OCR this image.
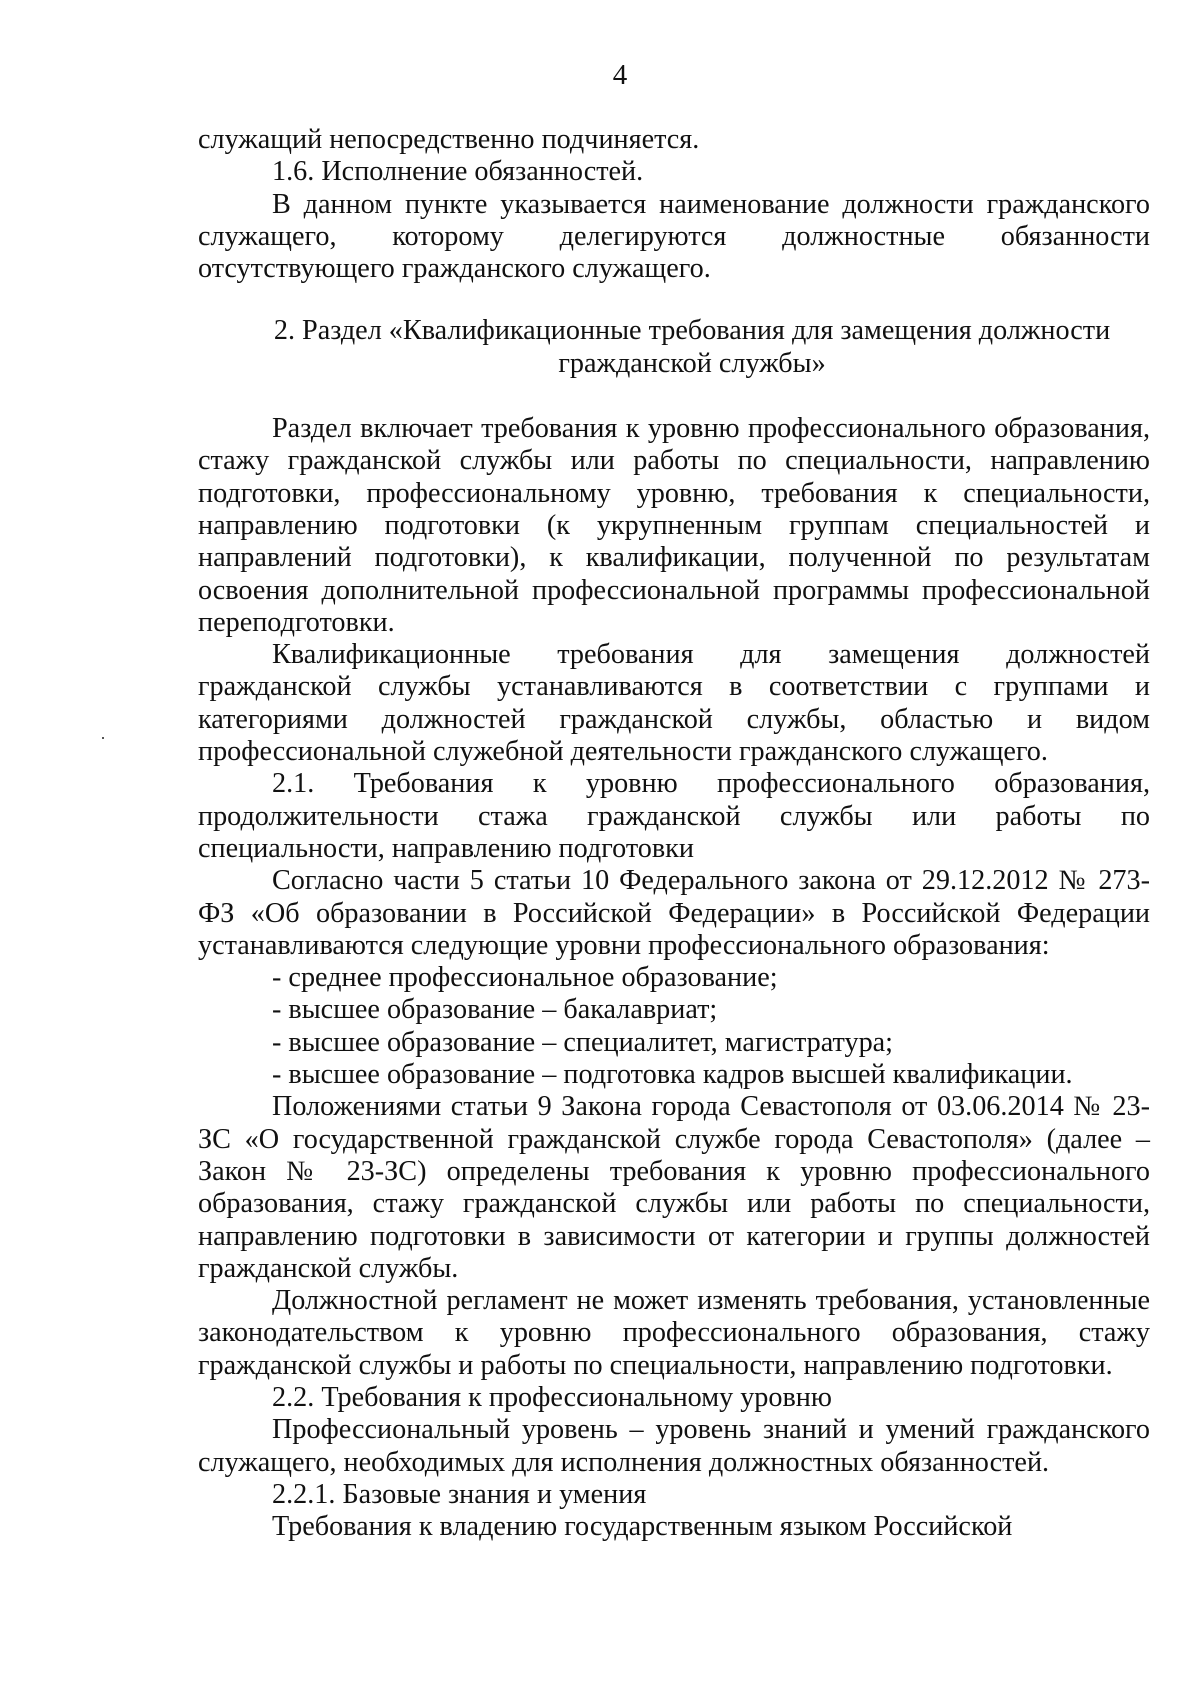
4

служащий непосредственно подчиняется.

1.6. Исполнение обязанностей.

В данном пункте указывается наименование должности гражданского служащего, которому делегируются должностные обязанности отсутствующего гражданского служащего.

2. Раздел «Квалификационные требования для замещения должности

гражданской службы»

Раздел включает требования к уровню профессионального образования, стажу гражданской службы или работы по специальности, направлению подготовки, профессиональному уровню, требования к специальности, направлению подготовки (к укрупненным группам специальностей и направлений подготовки), к квалификации, полученной по результатам освоения дополнительной профессиональной программы профессиональной переподготовки.

Квалификационные требования для замещения должностей гражданской службы устанавливаются в соответствии с группами и категориями должностей гражданской службы, областью и видом профессиональной служебной деятельности гражданского служащего.

2.1. Требования к уровню профессионального образования, продолжительности стажа гражданской службы или работы по специальности, направлению подготовки

Согласно части 5 статьи 10 Федерального закона от 29.12.2012 № 273-ФЗ «Об образовании в Российской Федерации» в Российской Федерации устанавливаются следующие уровни профессионального образования:

- среднее профессиональное образование;

- высшее образование – бакалавриат;

- высшее образование – специалитет, магистратура;

- высшее образование – подготовка кадров высшей квалификации.

Положениями статьи 9 Закона города Севастополя от 03.06.2014 № 23-ЗС «О государственной гражданской службе города Севастополя» (далее – Закон № 23-ЗС) определены требования к уровню профессионального образования, стажу гражданской службы или работы по специальности, направлению подготовки в зависимости от категории и группы должностей гражданской службы.

Должностной регламент не может изменять требования, установленные законодательством к уровню профессионального образования, стажу гражданской службы и работы по специальности, направлению подготовки.

2.2. Требования к профессиональному уровню

Профессиональный уровень – уровень знаний и умений гражданского служащего, необходимых для исполнения должностных обязанностей.

2.2.1. Базовые знания и умения

Требования к владению государственным языком Российской
